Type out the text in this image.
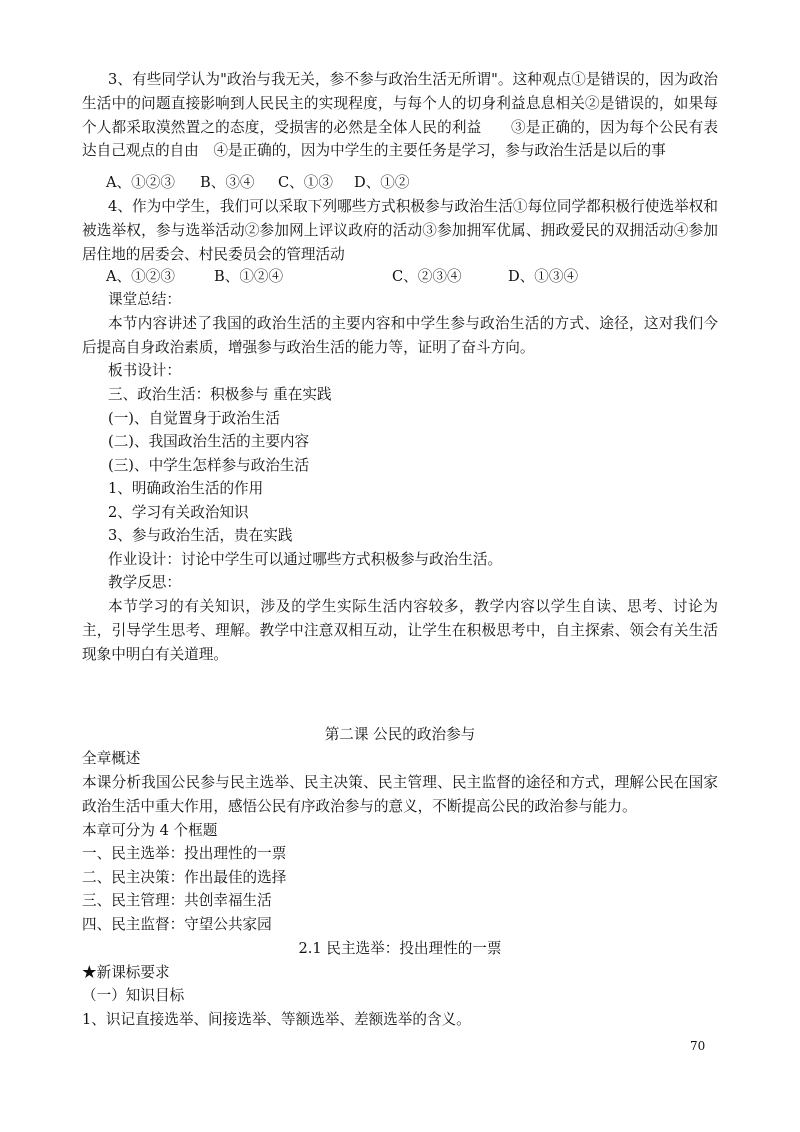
3、有些同学认为"政治与我无关，参不参与政治生活无所谓"。这种观点①是错误的，因为政治生活中的问题直接影响到人民民主的实现程度，与每个人的切身利益息息相关②是错误的，如果每个人都采取漠然置之的态度，受损害的必然是全体人民的利益　　③是正确的，因为每个公民有表达自己观点的自由　④是正确的，因为中学生的主要任务是学习，参与政治生活是以后的事

A、①②③ B、③④ C、①③ D、①②

4、作为中学生，我们可以采取下列哪些方式积极参与政治生活①每位同学都积极行使选举权和被选举权，参与选举活动②参加网上评议政府的活动③参加拥军优属、拥政爱民的双拥活动④参加居住地的居委会、村民委员会的管理活动

A、①②③	B、①②④	C、②③④	D、①③④

课堂总结：

本节内容讲述了我国的政治生活的主要内容和中学生参与政治生活的方式、途径，这对我们今后提高自身政治素质，增强参与政治生活的能力等，证明了奋斗方向。

板书设计：

三、政治生活：积极参与 重在实践

(一)、自觉置身于政治生活

(二)、我国政治生活的主要内容

(三)、中学生怎样参与政治生活

1、明确政治生活的作用

2、学习有关政治知识

3、参与政治生活，贵在实践

作业设计：讨论中学生可以通过哪些方式积极参与政治生活。

教学反思：

本节学习的有关知识，涉及的学生实际生活内容较多，教学内容以学生自读、思考、讨论为主，引导学生思考、理解。教学中注意双相互动，让学生在积极思考中，自主探索、领会有关生活现象中明白有关道理。

第二课 公民的政治参与

全章概述

本课分析我国公民参与民主选举、民主决策、民主管理、民主监督的途径和方式，理解公民在国家政治生活中重大作用，感悟公民有序政治参与的意义，不断提高公民的政治参与能力。

本章可分为 4 个框题

一、民主选举：投出理性的一票

二、民主决策：作出最佳的选择

三、民主管理：共创幸福生活

四、民主监督：守望公共家园

2.1 民主选举：投出理性的一票

★新课标要求

（一）知识目标

1、识记直接选举、间接选举、等额选举、差额选举的含义。

70
